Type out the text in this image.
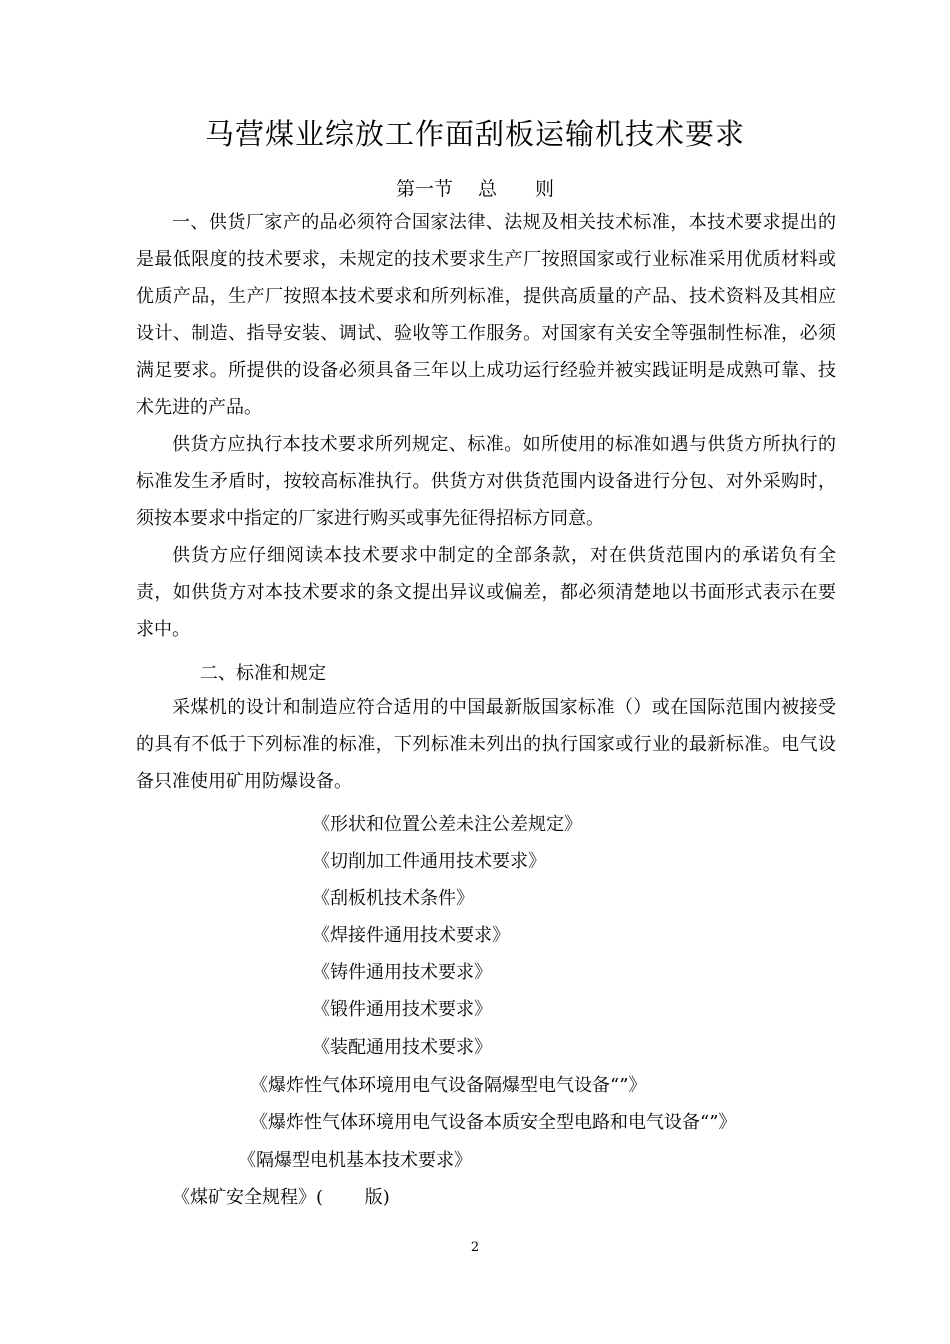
马营煤业综放工作面刮板运输机技术要求
第一节　 总　　则
一、供货厂家产的品必须符合国家法律、法规及相关技术标准，本技术要求提出的是最低限度的技术要求，未规定的技术要求生产厂按照国家或行业标准采用优质材料或优质产品，生产厂按照本技术要求和所列标准，提供高质量的产品、技术资料及其相应设计、制造、指导安装、调试、验收等工作服务。对国家有关安全等强制性标准，必须满足要求。所提供的设备必须具备三年以上成功运行经验并被实践证明是成熟可靠、技术先进的产品。
供货方应执行本技术要求所列规定、标准。如所使用的标准如遇与供货方所执行的标准发生矛盾时，按较高标准执行。供货方对供货范围内设备进行分包、对外采购时，须按本要求中指定的厂家进行购买或事先征得招标方同意。
供货方应仔细阅读本技术要求中制定的全部条款，对在供货范围内的承诺负有全责，如供货方对本技术要求的条文提出异议或偏差，都必须清楚地以书面形式表示在要求中。
二、标准和规定
采煤机的设计和制造应符合适用的中国最新版国家标准（）或在国际范围内被接受的具有不低于下列标准的标准，下列标准未列出的执行国家或行业的最新标准。电气设备只准使用矿用防爆设备。
《形状和位置公差未注公差规定》
《切削加工件通用技术要求》
《刮板机技术条件》
《焊接件通用技术要求》
《铸件通用技术要求》
《锻件通用技术要求》
《装配通用技术要求》
《爆炸性气体环境用电气设备隔爆型电气设备“”》
《爆炸性气体环境用电气设备本质安全型电路和电气设备“”》
《隔爆型电机基本技术要求》
《煤矿安全规程》(　　 版)
2
